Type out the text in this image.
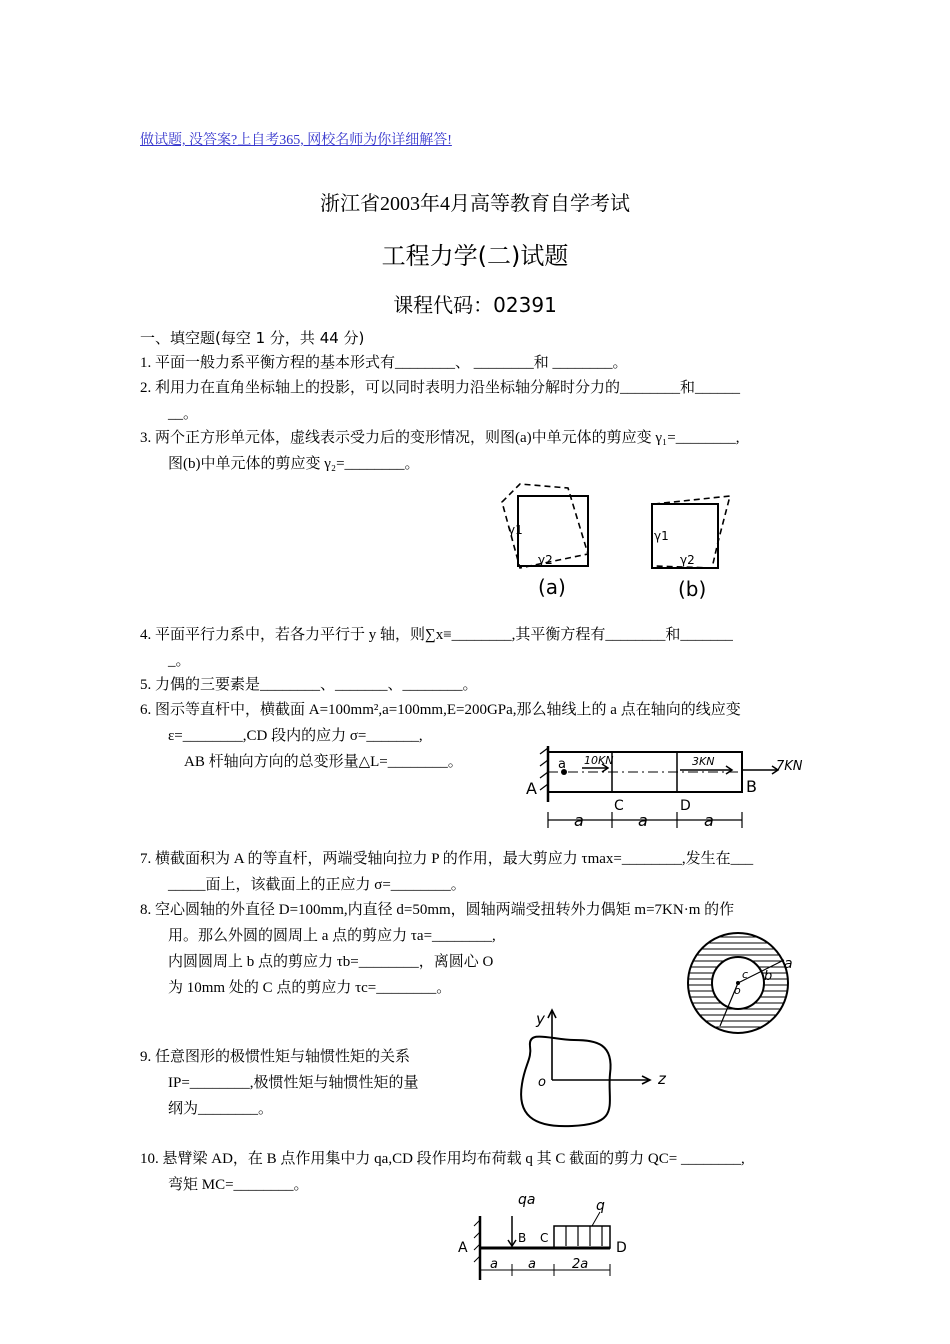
做试题, 没答案?上自考365, 网校名师为你详细解答!
浙江省2003年4月高等教育自学考试
工程力学(二)试题
课程代码：02391
一、填空题(每空 1 分，共 44 分)
1. 平面一般力系平衡方程的基本形式有________、 ________和 ________。
2. 利用力在直角坐标轴上的投影，可以同时表明力沿坐标轴分解时分力的________和______
__。
3. 两个正方形单元体，虚线表示受力后的变形情况，则图(a)中单元体的剪应变 γ₁=________,
图(b)中单元体的剪应变 γ₂=________。
γ1
γ2
(a)
γ1
γ2
(b)
4. 平面平行力系中，若各力平行于 y 轴，则∑x≡________,其平衡方程有________和_______
_。
5. 力偶的三要素是________、_______、________。
6. 图示等直杆中，横截面 A=100mm²,a=100mm,E=200GPa,那么轴线上的 a 点在轴向的线应变
ε=________,CD 段内的应力 σ=_______,
AB 杆轴向方向的总变形量△L=________。	a 10KN	3KN	7KN
A	B
C	D
a	a	a
7. 横截面积为 A 的等直杆，两端受轴向拉力 P 的作用，最大剪应力 τmax=________,发生在___
_____面上，该截面上的正应力 σ=________。
8. 空心圆轴的外直径 D=100mm,内直径 d=50mm，圆轴两端受扭转外力偶矩 m=7KN·m 的作
用。那么外圆的圆周上 a 点的剪应力 τa=________,
内圆圆周上 b 点的剪应力 τb=________，离圆心 O
为 10mm 处的 C 点的剪应力 τc=________。
a
b
c
o
y
z
o
9. 任意图形的极惯性矩与轴惯性矩的关系
IP=________,极惯性矩与轴惯性矩的量
纲为________。
10. 悬臂梁 AD，在 B 点作用集中力 qa,CD 段作用均布荷载 q 其 C 截面的剪力 QC= ________,
弯矩 MC=________。
qa	q
A
B C
D
a a	2a
